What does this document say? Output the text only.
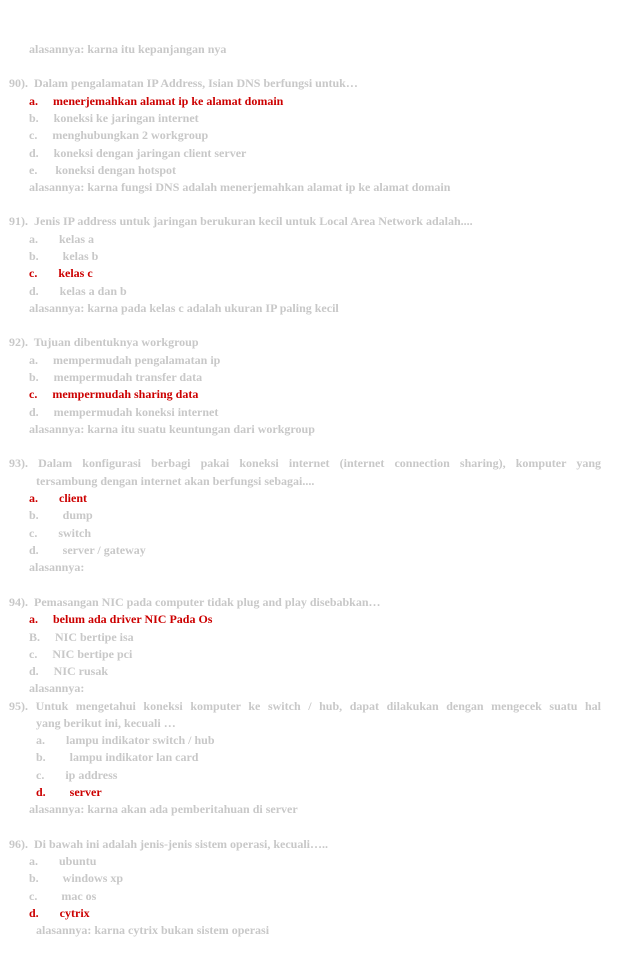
alasannya: karna itu kepanjangan nya
90).  Dalam pengalamatan IP Address, Isian DNS berfungsi untuk…
a.     menerjemahkan alamat ip ke alamat domain
b.     koneksi ke jaringan internet
c.     menghubungkan 2 workgroup
d.     koneksi dengan jaringan client server
e.      koneksi dengan hotspot
alasannya: karna fungsi DNS adalah menerjemahkan alamat ip ke alamat domain
91).  Jenis IP address untuk jaringan berukuran kecil untuk Local Area Network adalah....
a.       kelas a
b.        kelas b
c.       kelas c
d.       kelas a dan b
alasannya: karna pada kelas c adalah ukuran IP paling kecil
92).  Tujuan dibentuknya workgroup
a.     mempermudah pengalamatan ip
b.     mempermudah transfer data
c.     mempermudah sharing data
d.     mempermudah koneksi internet
alasannya: karna itu suatu keuntungan dari workgroup
tersambung dengan internet akan berfungsi sebagai....
a.       client
b.        dump
c.       switch
d.        server / gateway
alasannya:
94).  Pemasangan NIC pada computer tidak plug and play disebabkan…
a.     belum ada driver NIC Pada Os
B.     NIC bertipe isa
c.     NIC bertipe pci
d.     NIC rusak
alasannya:
yang berikut ini, kecuali …
a.       lampu indikator switch / hub
b.        lampu indikator lan card
c.       ip address
d.        server
alasannya: karna akan ada pemberitahuan di server
96).  Di bawah ini adalah jenis-jenis sistem operasi, kecuali…..
a.       ubuntu
b.        windows xp
c.        mac os
d.       cytrix
alasannya: karna cytrix bukan sistem operasi
93). Dalam konfigurasi berbagi pakai koneksi internet (internet connection sharing), komputer yang
95). Untuk mengetahui koneksi komputer ke switch / hub, dapat dilakukan dengan mengecek suatu hal
